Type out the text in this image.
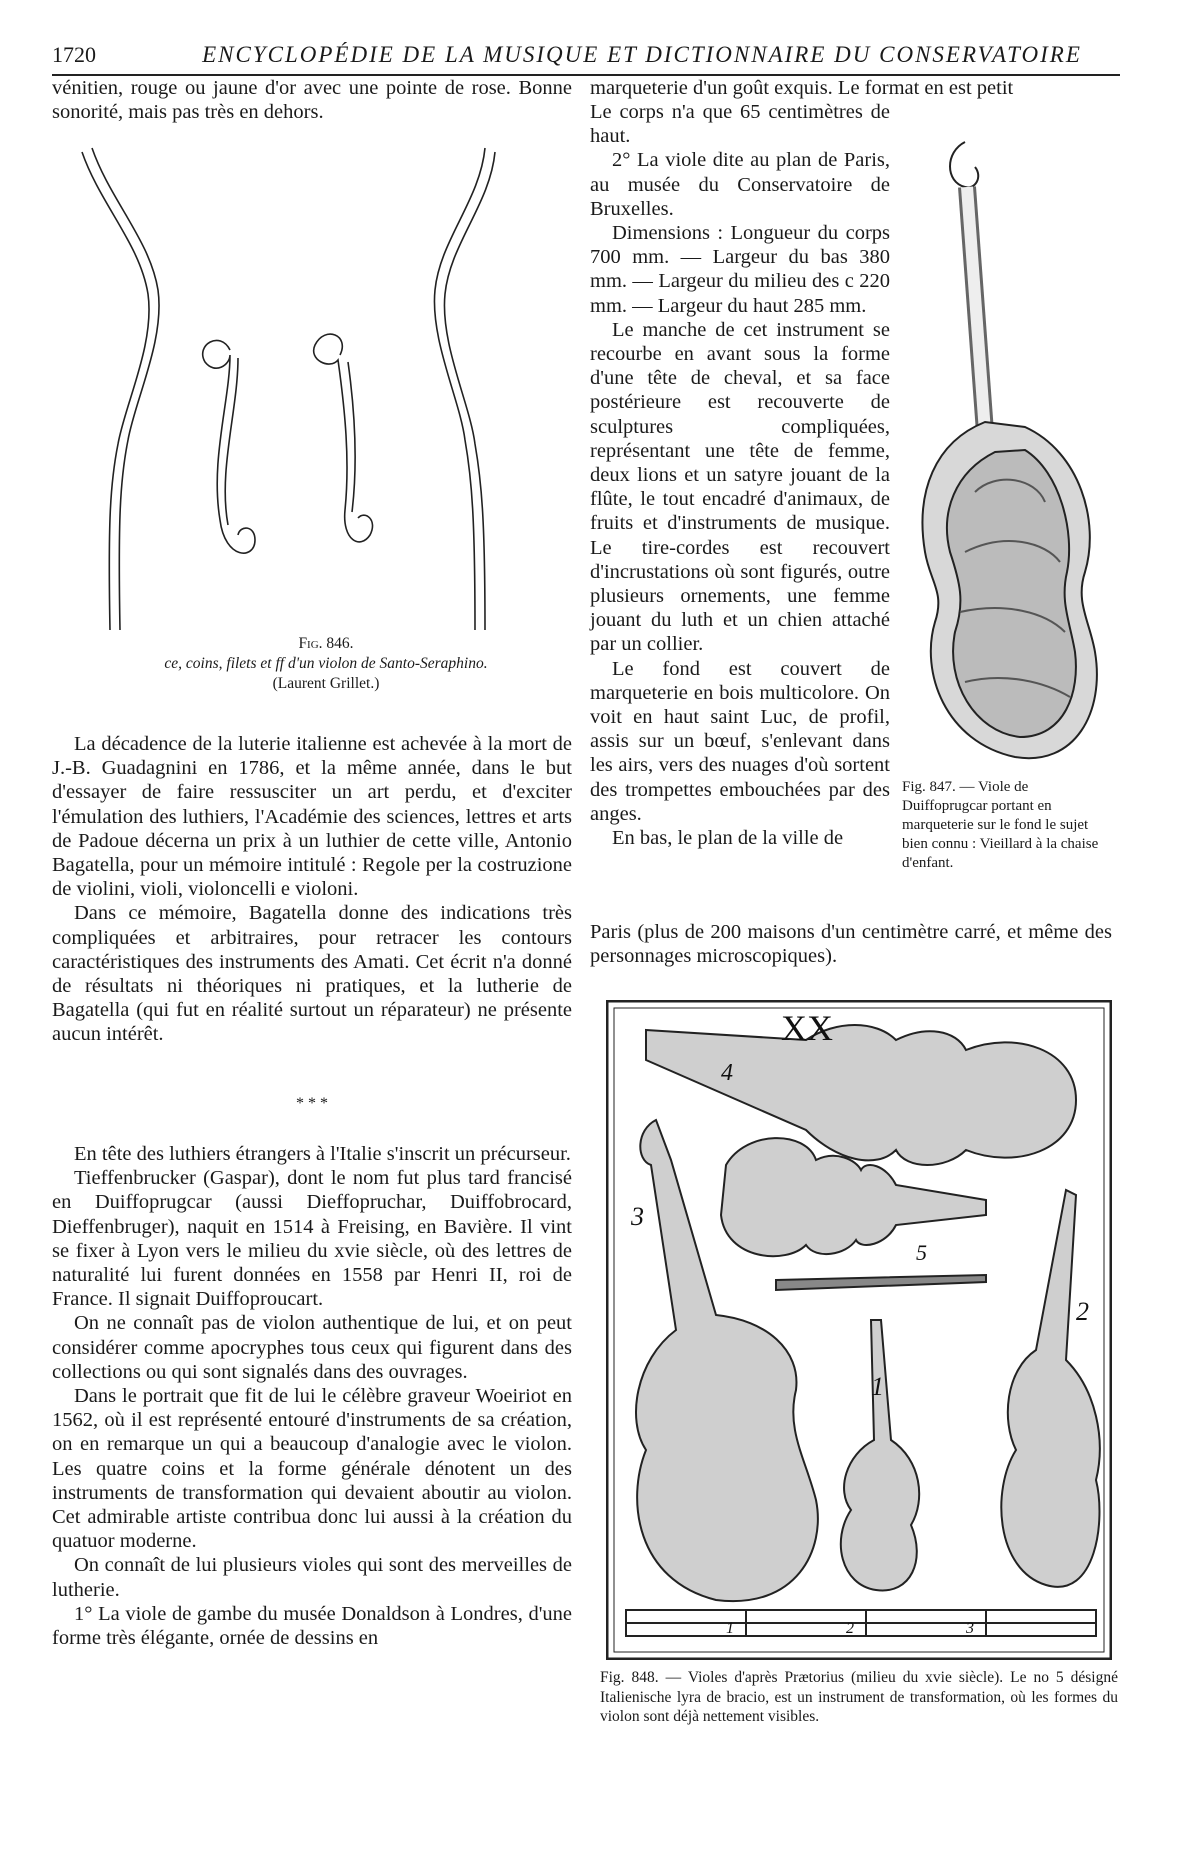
1720	ENCYCLOPÉDIE DE LA MUSIQUE ET DICTIONNAIRE DU CONSERVATOIRE

vénitien, rouge ou jaune d'or avec une pointe de rose. Bonne sonorité, mais pas très en dehors.

Fig. 846.

ce, coins, filets et ff d'un violon de Santo-Seraphino.

(Laurent Grillet.)

La décadence de la luterie italienne est achevée à la mort de J.-B. Guadagnini en 1786, et la même année, dans le but d'essayer de faire ressusciter un art perdu, et d'exciter l'émulation des luthiers, l'Académie des sciences, lettres et arts de Padoue décerna un prix à un luthier de cette ville, Antonio Bagatella, pour un mémoire intitulé : Regole per la costruzione de violini, violi, violoncelli e violoni.

Dans ce mémoire, Bagatella donne des indications très compliquées et arbitraires, pour retracer les contours caractéristiques des instruments des Amati. Cet écrit n'a donné de résultats ni théoriques ni pratiques, et la lutherie de Bagatella (qui fut en réalité surtout un réparateur) ne présente aucun intérêt.

* * *

En tête des luthiers étrangers à l'Italie s'inscrit un précurseur.

Tieffenbrucker (Gaspar), dont le nom fut plus tard francisé en Duiffoprugcar (aussi Dieffopruchar, Duiffobrocard, Dieffenbruger), naquit en 1514 à Freising, en Bavière. Il vint se fixer à Lyon vers le milieu du xvie siècle, où des lettres de naturalité lui furent données en 1558 par Henri II, roi de France. Il signait Duiffoproucart.

On ne connaît pas de violon authentique de lui, et on peut considérer comme apocryphes tous ceux qui figurent dans des collections ou qui sont signalés dans des ouvrages.

Dans le portrait que fit de lui le célèbre graveur Woeiriot en 1562, où il est représenté entouré d'instruments de sa création, on en remarque un qui a beaucoup d'analogie avec le violon. Les quatre coins et la forme générale dénotent un des instruments de transformation qui devaient aboutir au violon. Cet admirable artiste contribua donc lui aussi à la création du quatuor moderne.

On connaît de lui plusieurs violes qui sont des merveilles de lutherie.

1° La viole de gambe du musée Donaldson à Londres, d'une forme très élégante, ornée de dessins en

marqueterie d'un goût exquis. Le format en est petit

Le corps n'a que 65 centimètres de haut.

2° La viole dite au plan de Paris, au musée du Conservatoire de Bruxelles.

Dimensions : Longueur du corps 700 mm. — Largeur du bas 380 mm. — Largeur du milieu des c 220 mm. — Largeur du haut 285 mm.

Le manche de cet instrument se recourbe en avant sous la forme d'une tête de cheval, et sa face postérieure est recouverte de sculptures compliquées, représentant une tête de femme, deux lions et un satyre jouant de la flûte, le tout encadré d'animaux, de fruits et d'instruments de musique. Le tire-cordes est recouvert d'incrustations où sont figurés, outre plusieurs ornements, une femme jouant du luth et un chien attaché par un collier.

Le fond est couvert de marqueterie en bois multicolore. On voit en haut saint Luc, de profil, assis sur un bœuf, s'enlevant dans les airs, vers des nuages d'où sortent des trompettes embouchées par des anges.

En bas, le plan de la ville de

Paris (plus de 200 maisons d'un centimètre carré, et même des personnages microscopiques).

Fig. 847. — Viole de Duiffoprugcar portant en marqueterie sur le fond le sujet bien connu : Vieillard à la chaise d'enfant.
XX
4
5
3
1
2
1	2	3
Fig. 848. — Violes d'après Prætorius (milieu du xvie siècle). Le no 5 désigné Italienische lyra de bracio, est un instrument de transformation, où les formes du violon sont déjà nettement visibles.
